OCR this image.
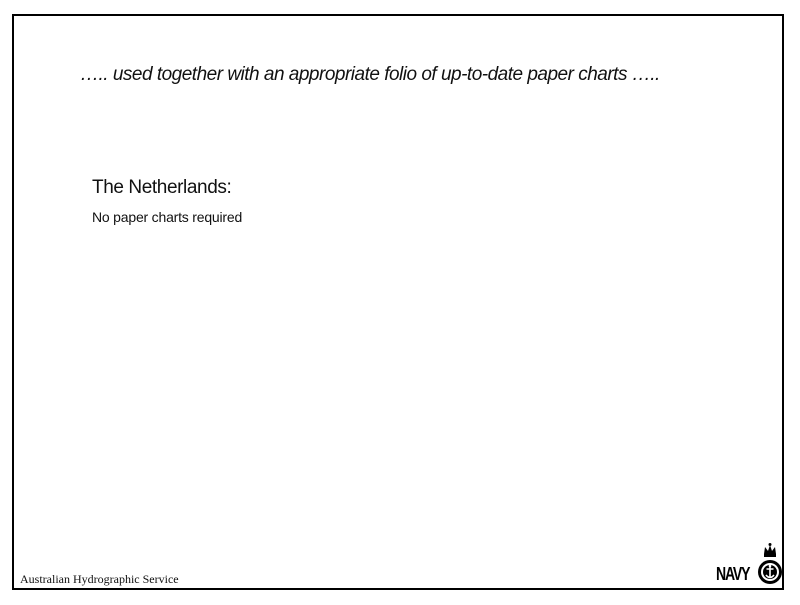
….. used together with an appropriate folio of up-to-date paper charts …..

The Netherlands:

No paper charts required

Australian Hydrographic Service	NAVY
